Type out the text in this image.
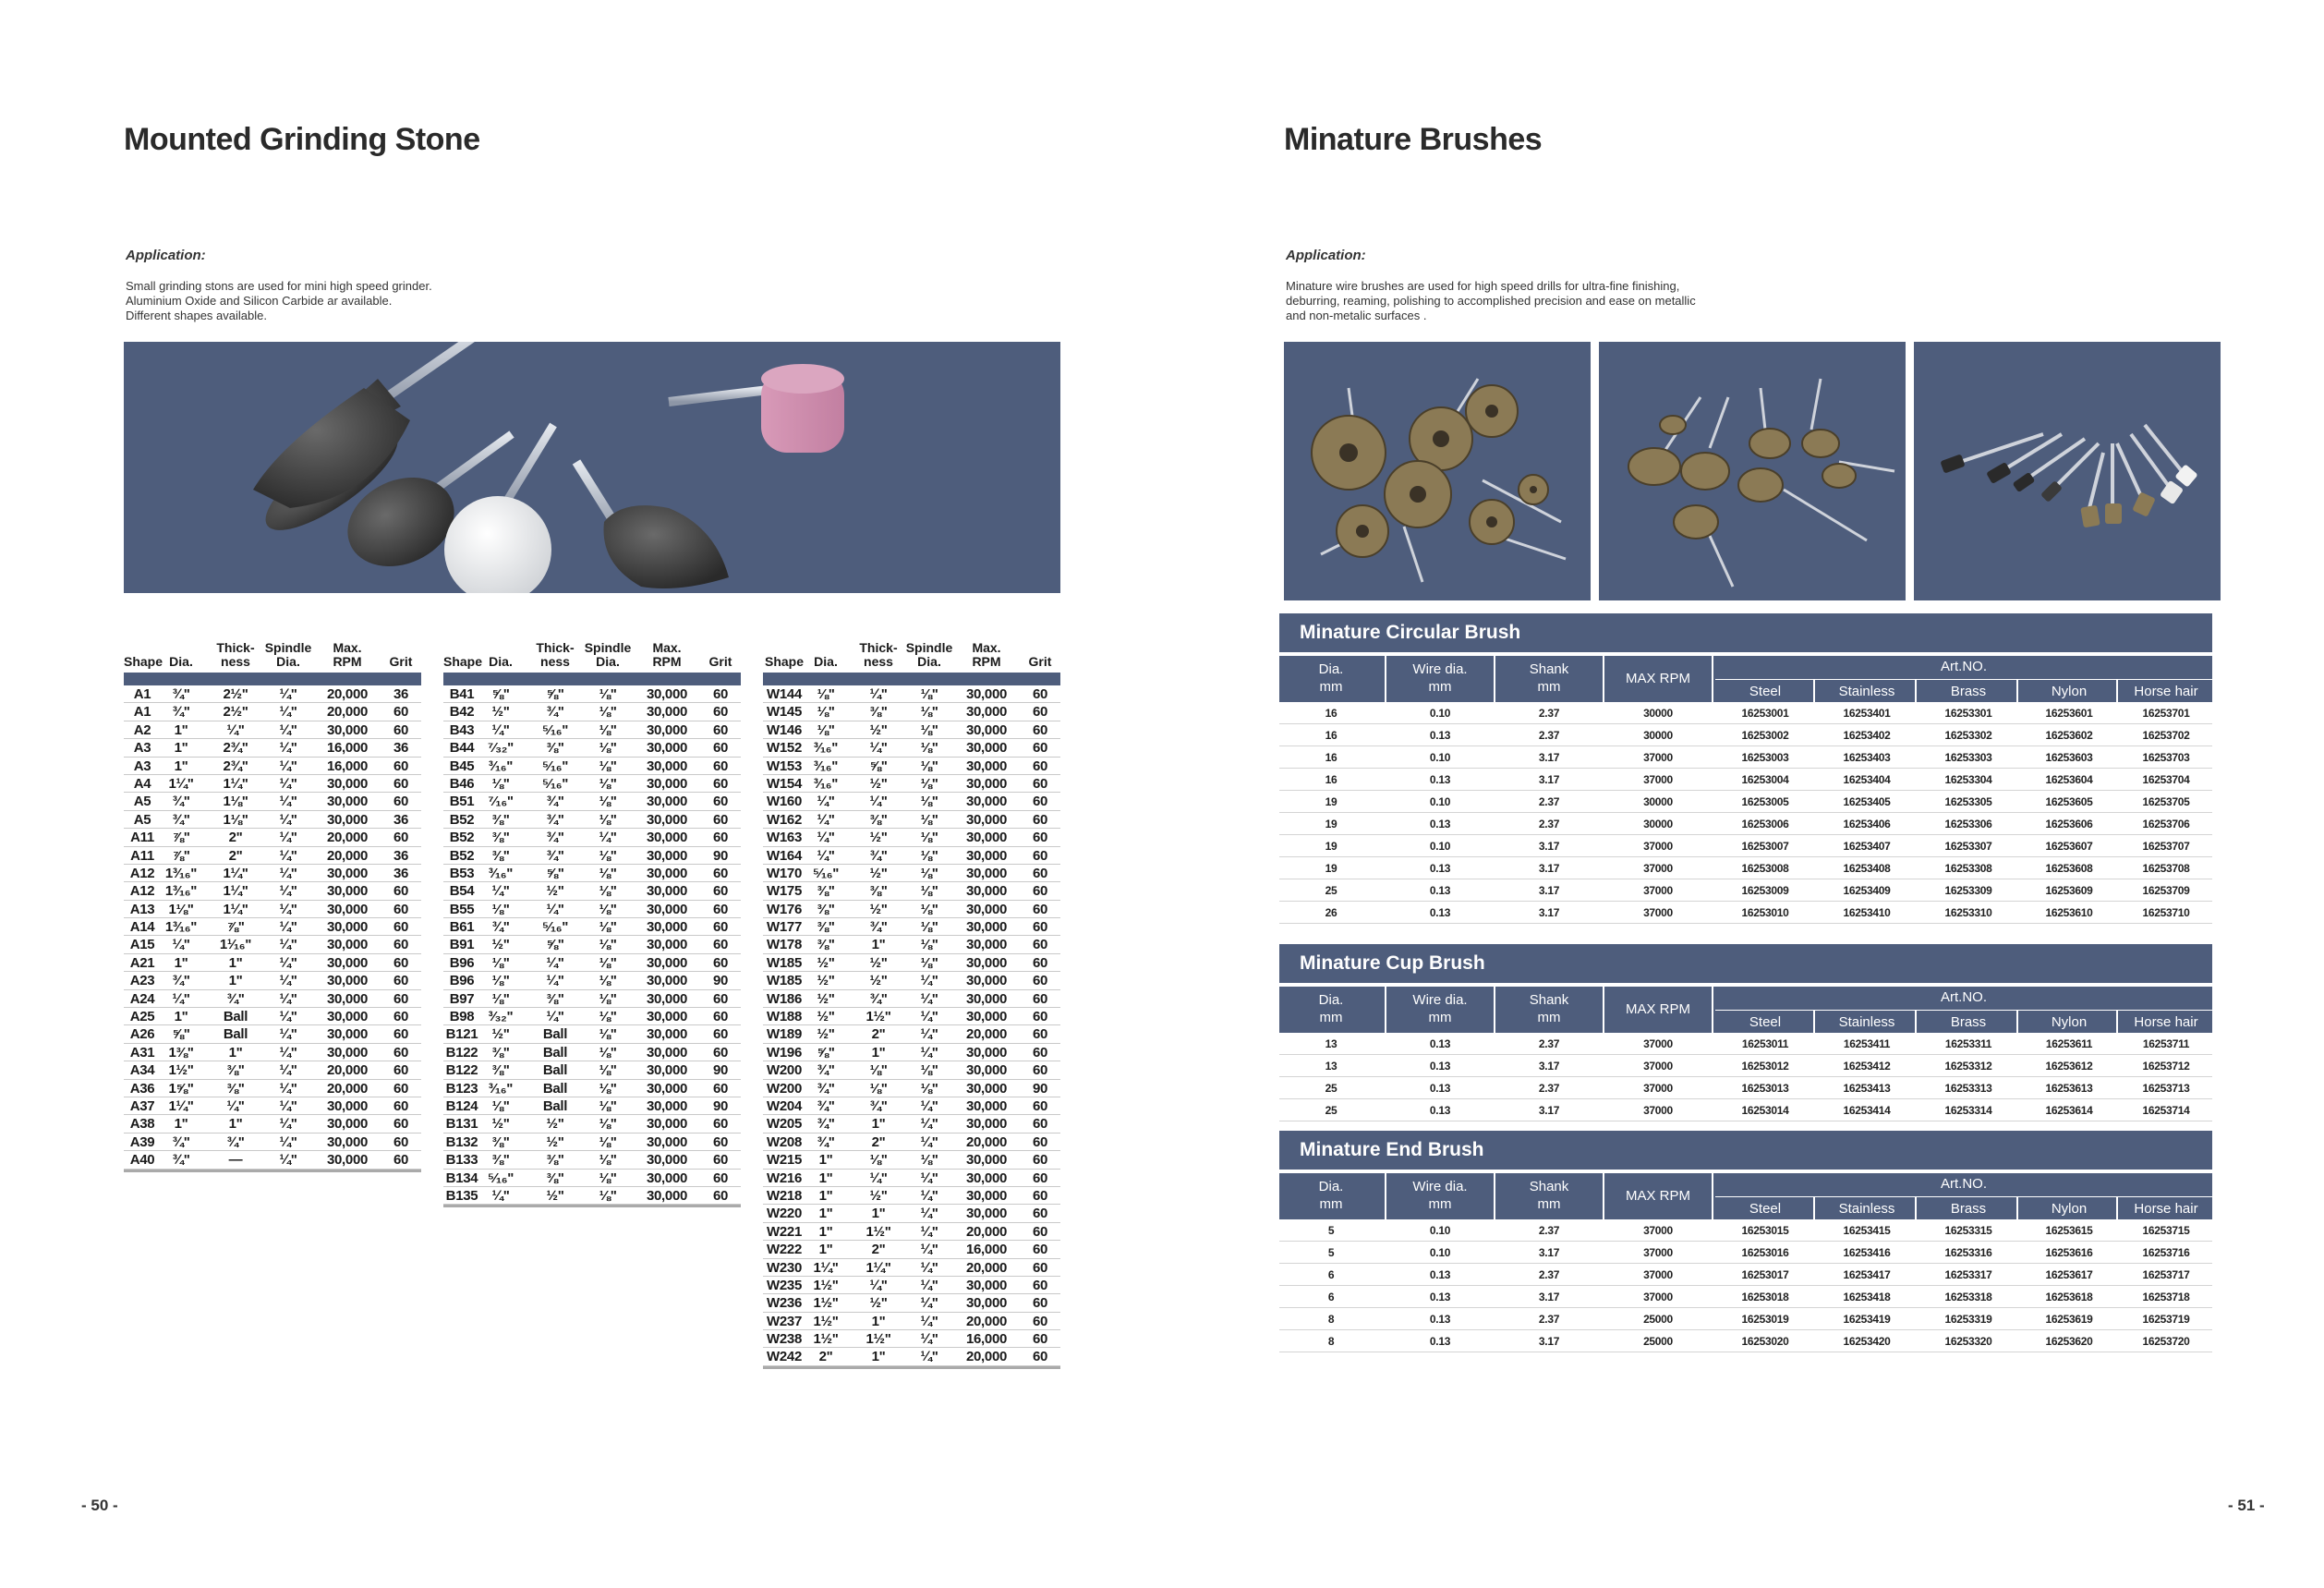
Mounted Grinding Stone
Application:
Small grinding stons are used for mini high speed grinder.
Aluminium Oxide and Silicon Carbide ar available.
Different shapes available.
Shape Dia.
Thick-
ness
Spindle
Dia.
Max.
RPM	Grit
A1	¾"	2½"	¼"	20,000	36
A1	¾"	2½"	¼"	20,000	60
A2	1"	¼"	¼"	30,000	60
A3	1"	2¾"	¼"	16,000	36
A3	1"	2¾"	¼"	16,000	60
A4	1¼"	1¼"	¼"	30,000	60
A5	¾"	1⅛"	¼"	30,000	60
A5	¾"	1⅛"	¼"	30,000	36
A11	⅞"	2"	¼"	20,000	60
A11	⅞"	2"	¼"	20,000	36
A12 1³⁄₁₆"	1¼"	¼"	30,000	36
A12 1³⁄₁₆"	1¼"	¼"	30,000	60
A13	1⅛"	1¼"	¼"	30,000	60
A14 1³⁄₁₆"	⅞"	¼"	30,000	60
A15	¼"	1¹⁄₁₆"	¼"	30,000	60
A21	1"	1"	¼"	30,000	60
A23	¾"	1"	¼"	30,000	60
A24	¼"	¾"	¼"	30,000	60
A25	1"	Ball	¼"	30,000	60
A26	⅝"	Ball	¼"	30,000	60
A31	1⅜"	1"	¼"	30,000	60
A34	1½"	⅜"	¼"	20,000	60
A36	1⅝"	⅜"	¼"	20,000	60
A37	1¼"	¼"	¼"	30,000	60
A38	1"	1"	¼"	30,000	60
A39	¾"	¾"	¼"	30,000	60
A40	¾"	—	¼"	30,000	60
Shape Dia.
Thick-
ness
Spindle
Dia.
Max.
RPM	Grit
B41	⅝"	⅝"	⅛"	30,000	60
B42	½"	¾"	⅛"	30,000	60
B43	¼"	⁵⁄₁₆"	⅛"	30,000	60
B44 ⁷⁄₃₂"	⅜"	⅛"	30,000	60
B45	³⁄₁₆"	⁵⁄₁₆"	⅛"	30,000	60
B46	⅛"	⁵⁄₁₆"	⅛"	30,000	60
B51	⁷⁄₁₆"	¾"	⅛"	30,000	60
B52	⅜"	¾"	⅛"	30,000	60
B52	⅜"	¾"	¼"	30,000	60
B52	⅜"	¾"	⅛"	30,000	90
B53	³⁄₁₆"	⅝"	⅛"	30,000	60
B54	¼"	½"	⅛"	30,000	60
B55	⅛"	¼"	⅛"	30,000	60
B61	¾"	⁵⁄₁₆"	⅛"	30,000	60
B91	½"	⅝"	⅛"	30,000	60
B96	⅛"	¼"	⅛"	30,000	60
B96	⅛"	¼"	⅛"	30,000	90
B97	⅛"	⅜"	⅛"	30,000	60
B98	³⁄₃₂"	¼"	⅛"	30,000	60
B121	½"	Ball	⅛"	30,000	60
B122	⅜"	Ball	⅛"	30,000	60
B122	⅜"	Ball	⅛"	30,000	90
B123 ³⁄₁₆"	Ball	⅛"	30,000	60
B124	⅛"	Ball	⅛"	30,000	90
B131	½"	½"	⅛"	30,000	60
B132	⅜"	½"	⅛"	30,000	60
B133	⅜"	⅜"	⅛"	30,000	60
B134 ⁵⁄₁₆"	⅜"	⅛"	30,000	60
B135	¼"	½"	⅛"	30,000	60
Shape Dia.
Thick-
ness
Spindle
Dia.
Max.
RPM	Grit
W144	⅛"	¼"	⅛"	30,000	60
W145	⅛"	⅜"	⅛"	30,000	60
W146	⅛"	½"	⅛"	30,000	60
W152 ³⁄₁₆"	¼"	⅛"	30,000	60
W153 ³⁄₁₆"	⅝"	⅛"	30,000	60
W154 ³⁄₁₆"	½"	⅛"	30,000	60
W160	¼"	¼"	⅛"	30,000	60
W162	¼"	⅜"	⅛"	30,000	60
W163	¼"	½"	⅛"	30,000	60
W164	¼"	¾"	⅛"	30,000	60
W170 ⁵⁄₁₆"	½"	⅛"	30,000	60
W175	⅜"	⅜"	⅛"	30,000	60
W176	⅜"	½"	⅛"	30,000	60
W177	⅜"	¾"	⅛"	30,000	60
W178	⅜"	1"	⅛"	30,000	60
W185	½"	½"	⅛"	30,000	60
W185	½"	½"	¼"	30,000	60
W186	½"	¾"	¼"	30,000	60
W188	½"	1½"	¼"	30,000	60
W189	½"	2"	¼"	20,000	60
W196	⅝"	1"	¼"	30,000	60
W200	¾"	⅛"	⅛"	30,000	60
W200	¾"	⅛"	⅛"	30,000	90
W204	¾"	¾"	¼"	30,000	60
W205	¾"	1"	¼"	30,000	60
W208	¾"	2"	¼"	20,000	60
W215	1"	⅛"	⅛"	30,000	60
W216	1"	¼"	¼"	30,000	60
W218	1"	½"	¼"	30,000	60
W220	1"	1"	¼"	30,000	60
W221	1"	1½"	¼"	20,000	60
W222	1"	2"	¼"	16,000	60
W230 1¼"	1¼"	¼"	20,000	60
W235 1½"	¼"	¼"	30,000	60
W236 1½"	½"	¼"	30,000	60
W237 1½"	1"	¼"	20,000	60
W238 1½"	1½"	¼"	16,000	60
W242	2"	1"	¼"	20,000	60
- 50 -
Minature Brushes
Application:
Minature wire brushes are used for high speed drills for ultra-fine finishing,
deburring, reaming, polishing to accomplished precision and ease on metallic
and non-metalic surfaces .
Minature Circular Brush
Dia.
mm
Wire dia.
mm
Shank
mm
MAX RPM
Art.NO.
Steel	Stainless	Brass	Nylon	Horse hair
16	0.10	2.37	30000	16253001	16253401	16253301	16253601	16253701
16	0.13	2.37	30000	16253002	16253402	16253302	16253602	16253702
16	0.10	3.17	37000	16253003	16253403	16253303	16253603	16253703
16	0.13	3.17	37000	16253004	16253404	16253304	16253604	16253704
19	0.10	2.37	30000	16253005	16253405	16253305	16253605	16253705
19	0.13	2.37	30000	16253006	16253406	16253306	16253606	16253706
19	0.10	3.17	37000	16253007	16253407	16253307	16253607	16253707
19	0.13	3.17	37000	16253008	16253408	16253308	16253608	16253708
25	0.13	3.17	37000	16253009	16253409	16253309	16253609	16253709
26	0.13	3.17	37000	16253010	16253410	16253310	16253610	16253710
Minature Cup Brush
Dia.
mm
Wire dia.
mm
Shank
mm
MAX RPM
Art.NO.
Steel	Stainless	Brass	Nylon	Horse hair
13	0.13	2.37	37000	16253011	16253411	16253311	16253611	16253711
13	0.13	3.17	37000	16253012	16253412	16253312	16253612	16253712
25	0.13	2.37	37000	16253013	16253413	16253313	16253613	16253713
25	0.13	3.17	37000	16253014	16253414	16253314	16253614	16253714
Minature End Brush
Dia.
mm
Wire dia.
mm
Shank
mm
MAX RPM
Art.NO.
Steel	Stainless	Brass	Nylon	Horse hair
5	0.10	2.37	37000	16253015	16253415	16253315	16253615	16253715
5	0.10	3.17	37000	16253016	16253416	16253316	16253616	16253716
6	0.13	2.37	37000	16253017	16253417	16253317	16253617	16253717
6	0.13	3.17	37000	16253018	16253418	16253318	16253618	16253718
8	0.13	2.37	25000	16253019	16253419	16253319	16253619	16253719
8	0.13	3.17	25000	16253020	16253420	16253320	16253620	16253720
- 51 -
